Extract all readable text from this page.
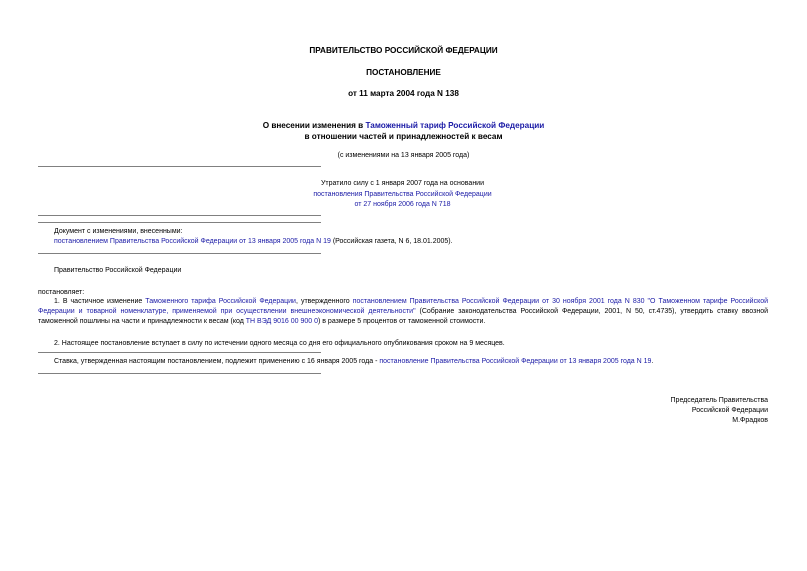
ПРАВИТЕЛЬСТВО РОССИЙСКОЙ ФЕДЕРАЦИИ
ПОСТАНОВЛЕНИЕ
от 11 марта 2004 года N 138
О внесении изменения в Таможенный тариф Российской Федерации
в отношении частей и принадлежностей к весам
(с изменениями на 13 января 2005 года)
Утратило силу с 1 января 2007 года на основании
постановления Правительства Российской Федерации
от 27 ноября 2006 года N 718
Документ с изменениями, внесенными:
постановлением Правительства Российской Федерации от 13 января 2005 года N 19 (Российская газета, N 6, 18.01.2005).
Правительство Российской Федерации
постановляет:
1. В частичное изменение Таможенного тарифа Российской Федерации, утвержденного постановлением Правительства Российской Федерации от 30 ноября 2001 года N 830 "О Таможенном тарифе Российской Федерации и товарной номенклатуре, применяемой при осуществлении внешнеэкономической деятельности" (Собрание законодательства Российской Федерации, 2001, N 50, ст.4735), утвердить ставку ввозной таможенной пошлины на части и принадлежности к весам (код ТН ВЭД 9016 00 900 0) в размере 5 процентов от таможенной стоимости.
2. Настоящее постановление вступает в силу по истечении одного месяца со дня его официального опубликования сроком на 9 месяцев.
Ставка, утвержденная настоящим постановлением, подлежит применению с 16 января 2005 года - постановление Правительства Российской Федерации от 13 января 2005 года N 19.
Председатель Правительства
Российской Федерации
М.Фрадков
